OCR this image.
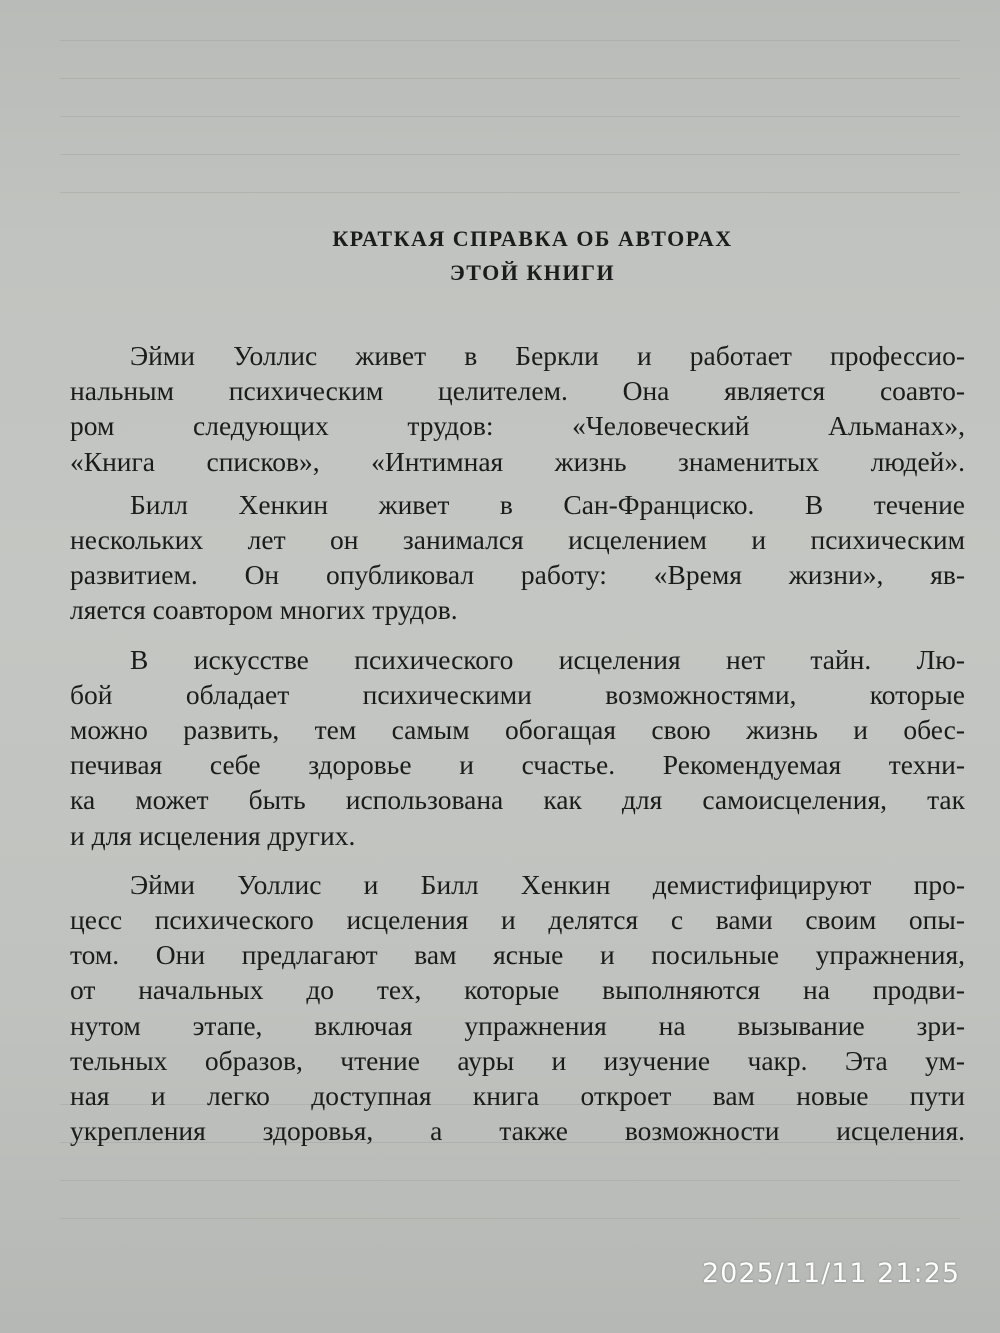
КРАТКАЯ СПРАВКА ОБ АВТОРАХ
ЭТОЙ КНИГИ
Эйми Уоллис живет в Беркли и работает профессио-
нальным психическим целителем. Она является соавто-
ром следующих трудов: «Человеческий Альманах»,
«Книга списков», «Интимная жизнь знаменитых людей».
Билл Хенкин живет в Сан-Франциско. В течение
нескольких лет он занимался исцелением и психическим
развитием. Он опубликовал работу: «Время жизни», яв-
ляется соавтором многих трудов.
В искусстве психического исцеления нет тайн. Лю-
бой обладает психическими возможностями, которые
можно развить, тем самым обогащая свою жизнь и обес-
печивая себе здоровье и счастье. Рекомендуемая техни-
ка может быть использована как для самоисцеления, так
и для исцеления других.
Эйми Уоллис и Билл Хенкин демистифицируют про-
цесс психического исцеления и делятся с вами своим опы-
том. Они предлагают вам ясные и посильные упражнения,
от начальных до тех, которые выполняются на продви-
нутом этапе, включая упражнения на вызывание зри-
тельных образов, чтение ауры и изучение чакр. Эта ум-
ная и легко доступная книга откроет вам новые пути
укрепления здоровья, а также возможности исцеления.
2025/11/11 21:25
